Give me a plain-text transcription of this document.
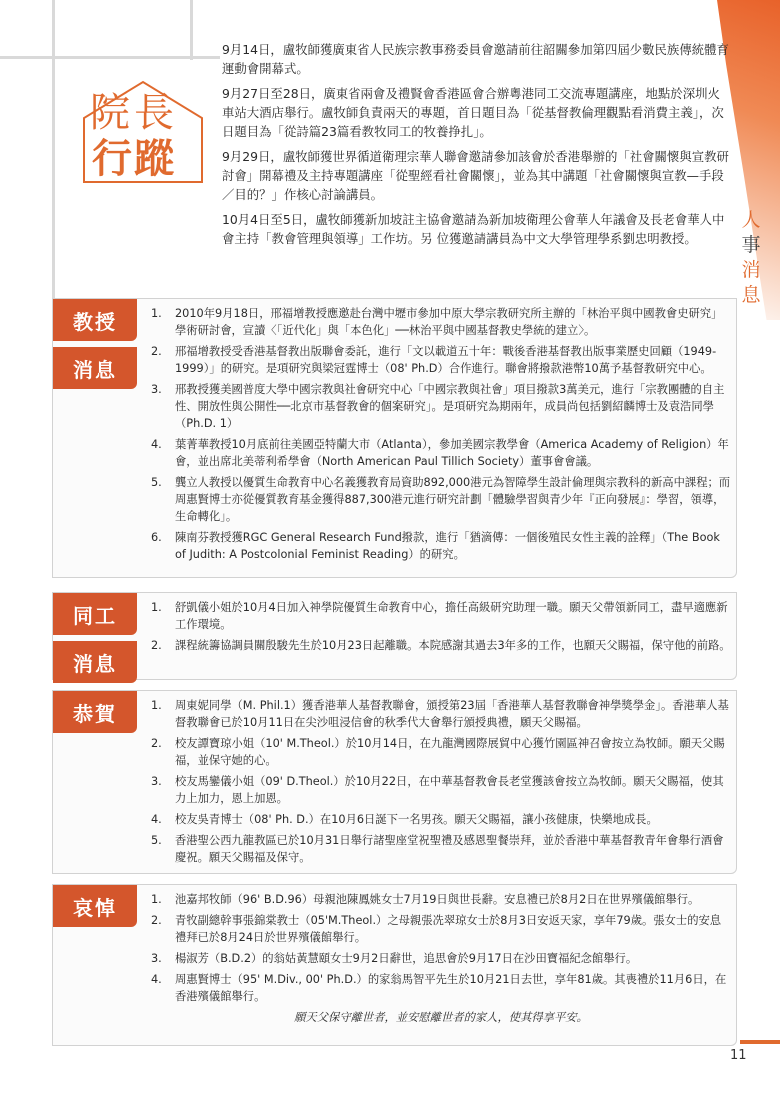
院長
行蹤

9月14日，盧牧師獲廣東省人民族宗教事務委員會邀請前往韶關參加第四屆少數民族傳統體育運動會開幕式。

9月27日至28日，廣東省兩會及禮賢會香港區會合辦粵港同工交流專題講座，地點於深圳火車站大酒店舉行。盧牧師負責兩天的專題，首日題目為「從基督教倫理觀點看消費主義」，次日題目為「從詩篇23篇看教牧同工的牧養挣扎」。

9月29日，盧牧師獲世界循道衛理宗華人聯會邀請參加該會於香港舉辦的「社會關懷與宣教研討會」開幕禮及主持專題講座「從聖經看社會關懷」，並為其中講題「社會關懷與宣教—手段／目的？」作核心討論講員。

10月4日至5日，盧牧師獲新加坡註主協會邀請為新加坡衛理公會華人年議會及長老會華人中會主持「教會管理與領導」工作坊。另 位獲邀請講員為中文大學管理學系劉忠明教授。

人
事
消
息
教授
消息
1. 2010年9月18日，邢福增教授應邀赴台灣中壢市參加中原大學宗教研究所主辦的「林治平與中國教會史研究」學術研討會，宣讀〈「近代化」與「本色化」──林治平與中國基督教史學統的建立〉。
2. 邢福增教授受香港基督教出版聯會委託，進行「文以載道五十年：戰後香港基督教出版事業歷史回顧（1949-1999）」的研究。是項研究與梁冠霆博士（08' Ph.D）合作進行。聯會將撥款港幣10萬予基督教研究中心。
3. 邢教授獲美國普度大學中國宗教與社會研究中心「中國宗教與社會」項目撥款3萬美元，進行「宗教團體的自主性、開放性與公開性──北京市基督教會的個案研究」。是項研究為期兩年，成員尚包括劉紹麟博士及袁浩同學（Ph.D. 1）
4. 葉菁華教授10月底前往美國亞特蘭大市（Atlanta），參加美國宗教學會（America Academy of Religion）年會，並出席北美蒂利希學會（North American Paul Tillich Society）董事會會議。
5. 龔立人教授以優質生命教育中心名義獲教育局資助892,000港元為智障學生設計倫理與宗教科的新高中課程；而周惠賢博士亦從優質教育基金獲得887,300港元進行研究計劃「體驗學習與青少年『正向發展』：學習，領導，生命轉化」。
6. 陳南芬教授獲RGC General Research Fund撥款，進行「猶滴傳：一個後殖民女性主義的詮釋」（The Book of Judith: A Postcolonial Feminist Reading）的研究。
同工
消息
1. 舒凱儀小姐於10月4日加入神學院優質生命教育中心，擔任高級研究助理一職。願天父帶領新同工，盡早適應新工作環境。
2. 課程統籌協調員關殷駿先生於10月23日起離職。本院感謝其過去3年多的工作，也願天父賜福，保守他的前路。
恭賀	1. 周東妮同學（M. Phil.1）獲香港華人基督教聯會，頒授第23屆「香港華人基督教聯會神學獎學金」。香港華人基督教聯會已於10月11日在尖沙咀浸信會的秋季代大會舉行頒授典禮，願天父賜福。
2. 校友譚寶琼小姐（10' M.Theol.）於10月14日，在九龍灣國際展貿中心獲竹園區神召會按立為牧師。願天父賜福，並保守她的心。
3. 校友馬鑾儀小姐（09' D.Theol.）於10月22日，在中華基督教會長老堂獲該會按立為牧師。願天父賜福，使其力上加力，恩上加恩。
4. 校友吳青博士（08' Ph. D.）在10月6日誕下一名男孩。願天父賜福，讓小孩健康，快樂地成長。
5. 香港聖公西九龍教區已於10月31日舉行諸聖座堂祝聖禮及感恩聖餐崇拜，並於香港中華基督教青年會舉行酒會慶祝。願天父賜福及保守。
哀悼	1. 池嘉邦牧師（96' B.D.96）母親池陳鳳姚女士7月19日與世長辭。安息禮已於8月2日在世界殯儀館舉行。
2. 青牧副總幹事張錦棠教士（05'M.Theol.）之母親張冼翠琼女士於8月3日安返天家，享年79歲。張女士的安息禮拜已於8月24日於世界殯儀館舉行。
3. 楊淑芳（B.D.2）的翁姑黃慧頤女士9月2日辭世，追思會於9月17日在沙田寶福紀念館舉行。
4. 周惠賢博士（95' M.Div., 00' Ph.D.）的家翁馬智平先生於10月21日去世，享年81歲。其喪禮於11月6日，在香港殯儀館舉行。
願天父保守離世者，並安慰離世者的家人，使其得享平安。
11
